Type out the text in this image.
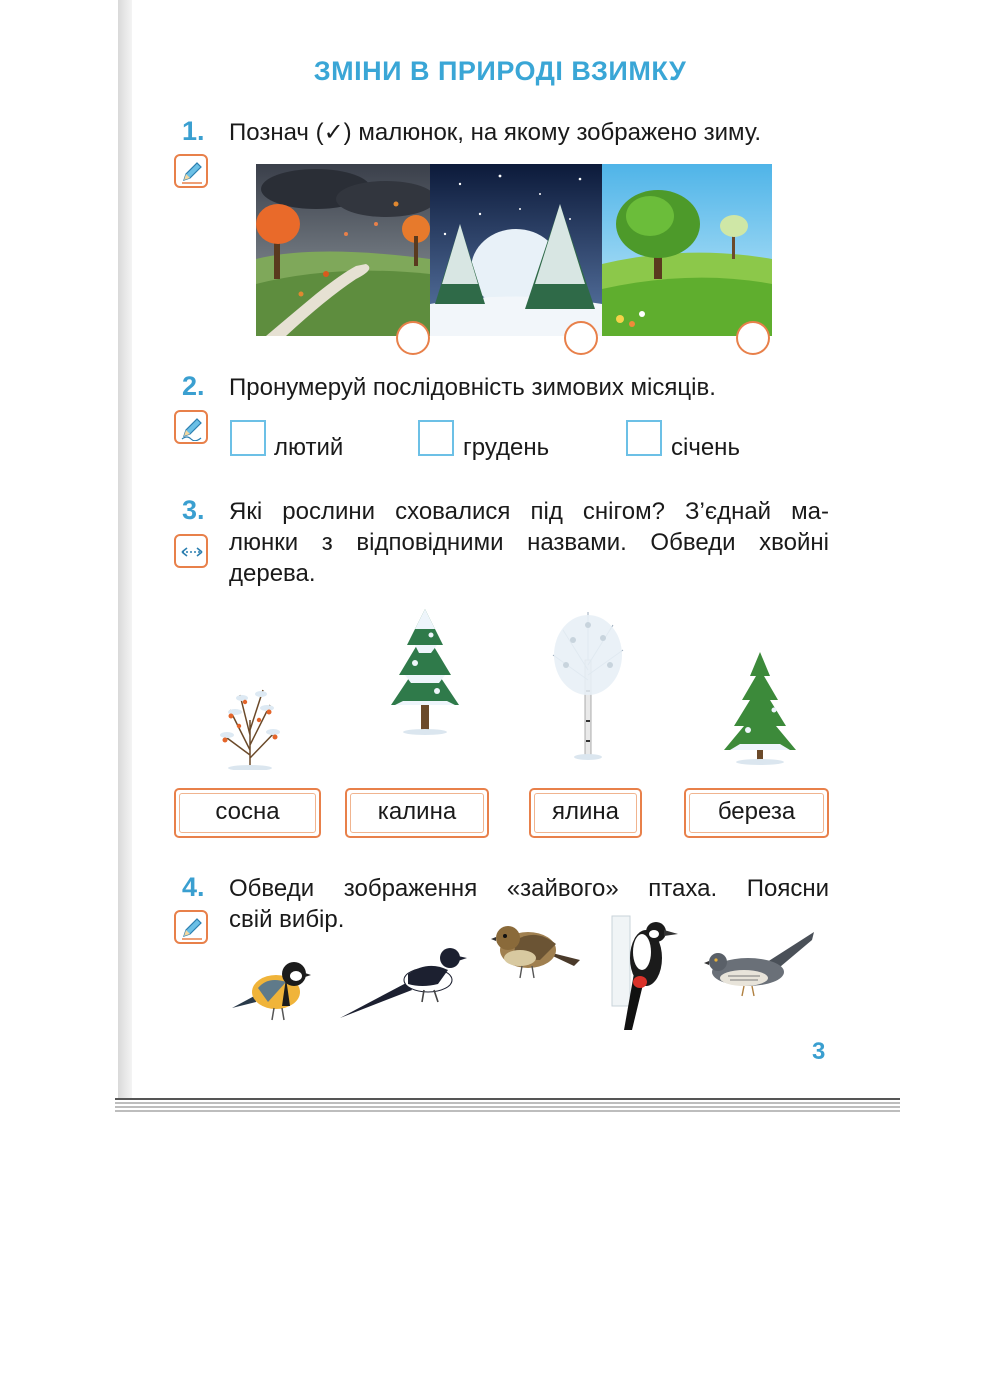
ЗМІНИ В ПРИРОДІ ВЗИМКУ
1. Познач (✓) малюнок, на якому зображено зиму.
2. Пронумеруй послідовність зимових місяців.
лютий	грудень	січень
3. Які рослини сховалися під снігом? З’єднай ма-
люнки з відповідними назвами. Обведи хвойні
дерева.
сосна	калина	ялина	береза
4. Обведи зображення «зайвого» птаха. Поясни
свій вибір.
3
